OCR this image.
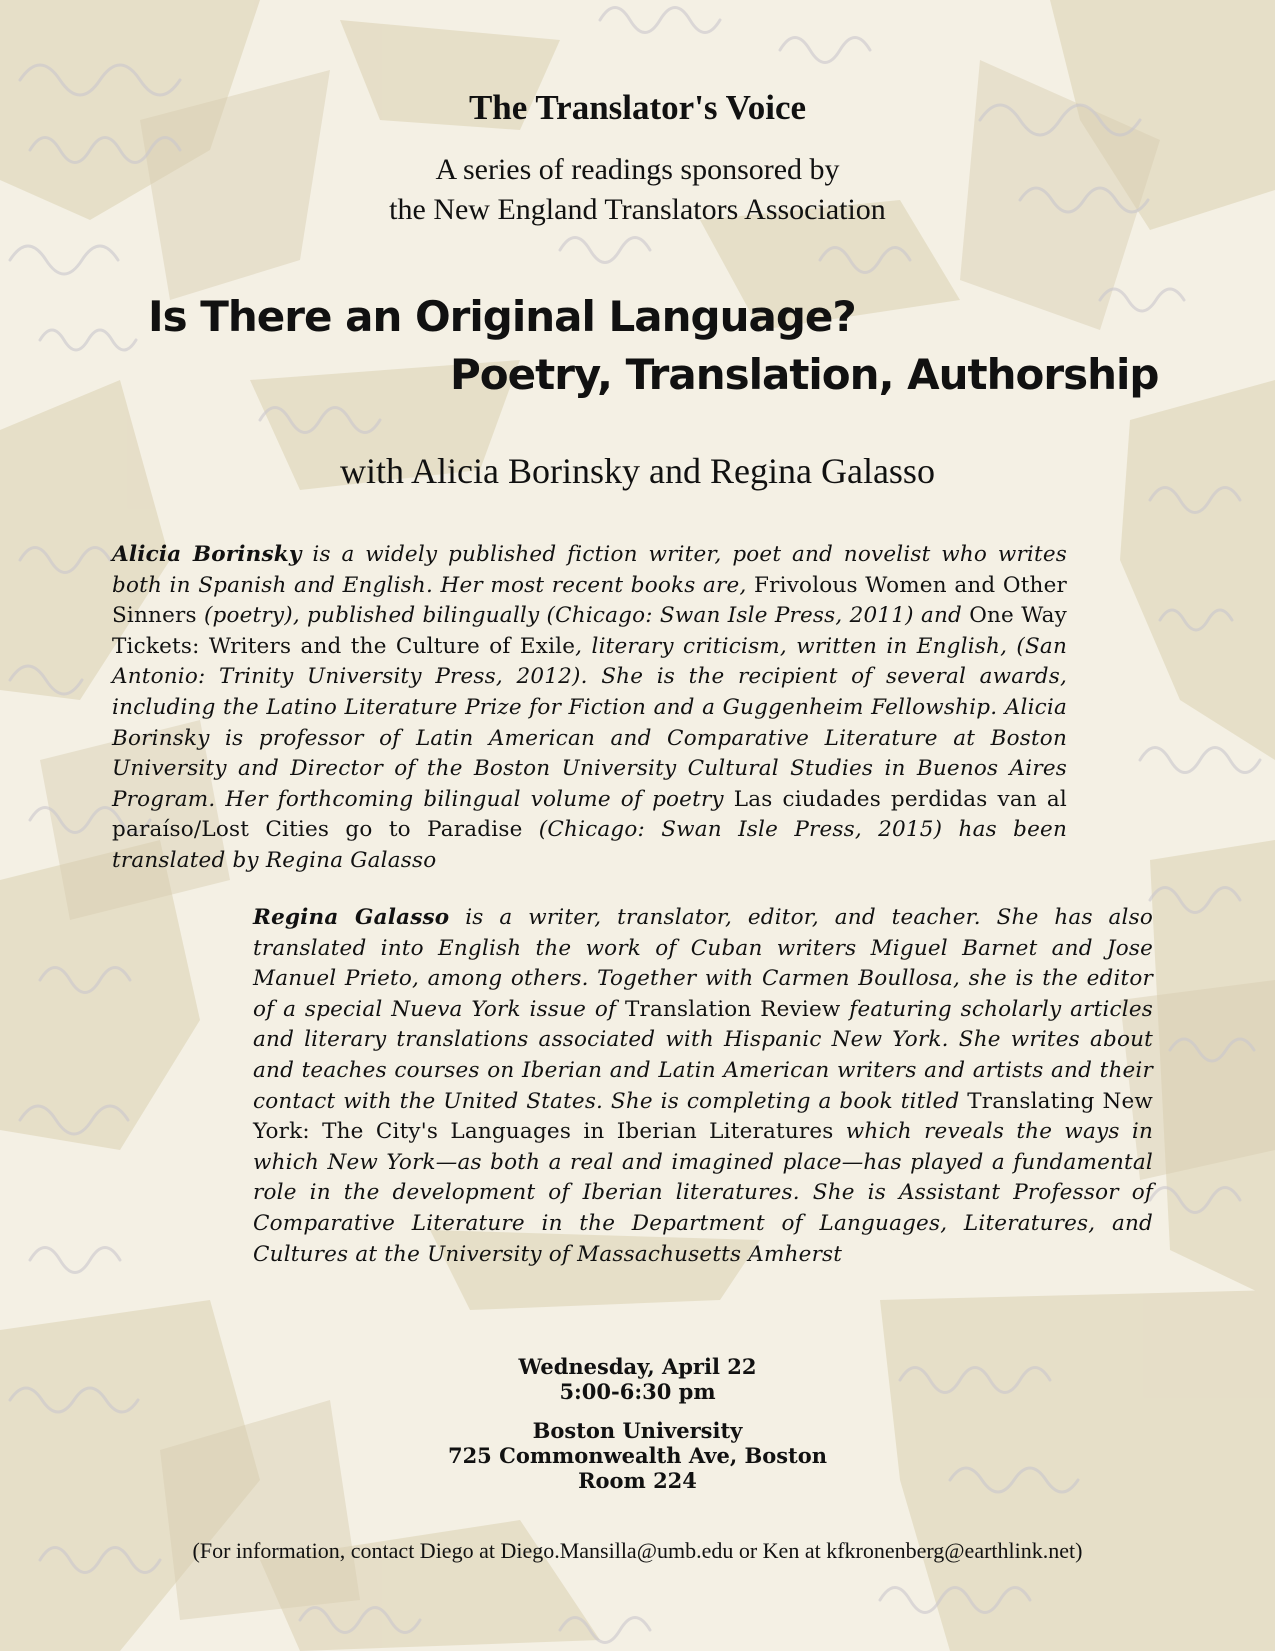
The Translator's Voice
A series of readings sponsored by
the New England Translators Association
Is There an Original Language?
Poetry, Translation, Authorship
with Alicia Borinsky and Regina Galasso
Alicia Borinsky is a widely published fiction writer, poet and novelist who writes both in Spanish and English. Her most recent books are, Frivolous Women and Other Sinners (poetry), published bilingually (Chicago: Swan Isle Press, 2011) and One Way Tickets: Writers and the Culture of Exile, literary criticism, written in English, (San Antonio: Trinity University Press, 2012). She is the recipient of several awards, including the Latino Literature Prize for Fiction and a Guggenheim Fellowship. Alicia Borinsky is professor of Latin American and Comparative Literature at Boston University and Director of the Boston University Cultural Studies in Buenos Aires Program. Her forthcoming bilingual volume of poetry Las ciudades perdidas van al paraíso/Lost Cities go to Paradise (Chicago: Swan Isle Press, 2015) has been translated by Regina Galasso
Regina Galasso is a writer, translator, editor, and teacher. She has also translated into English the work of Cuban writers Miguel Barnet and Jose Manuel Prieto, among others. Together with Carmen Boullosa, she is the editor of a special Nueva York issue of Translation Review featuring scholarly articles and literary translations associated with Hispanic New York. She writes about and teaches courses on Iberian and Latin American writers and artists and their contact with the United States. She is completing a book titled Translating New York: The City's Languages in Iberian Literatures which reveals the ways in which New York—as both a real and imagined place—has played a fundamental role in the development of Iberian literatures. She is Assistant Professor of Comparative Literature in the Department of Languages, Literatures, and Cultures at the University of Massachusetts Amherst
Wednesday, April 22
5:00-6:30 pm
Boston University
725 Commonwealth Ave, Boston
Room 224
(For information, contact Diego at Diego.Mansilla@umb.edu or Ken at kfkronenberg@earthlink.net)
